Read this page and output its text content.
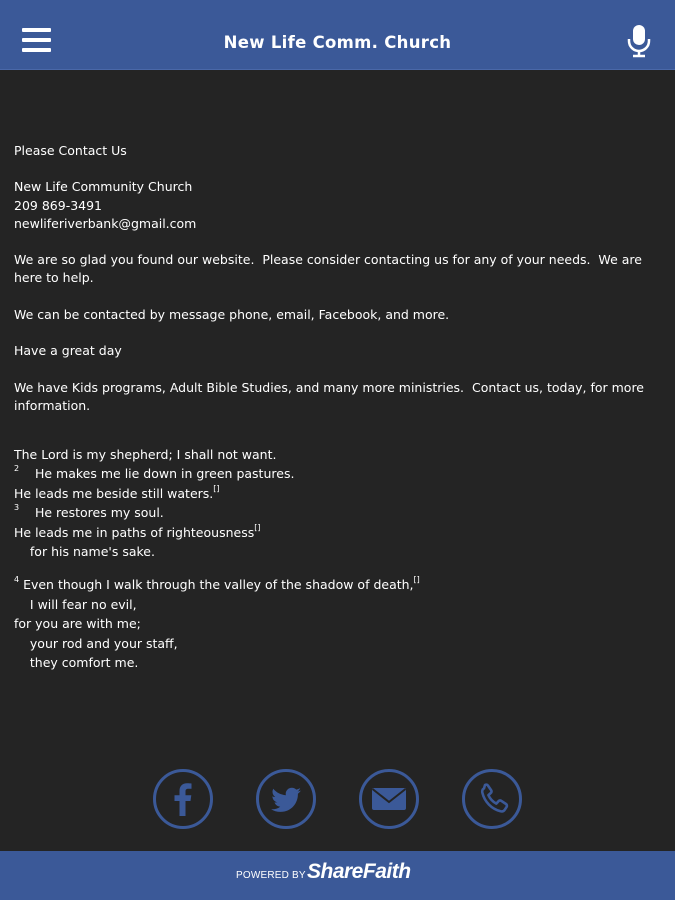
New Life Comm. Church

Please Contact Us

New Life Community Church

209 869-3491

newliferiverbank@gmail.com

We are so glad you found our website.  Please consider contacting us for any of your needs.  We are here to help.

We can be contacted by message phone, email, Facebook, and more.

Have a great day

We have Kids programs, Adult Bible Studies, and many more ministries.  Contact us, today, for more information.

The Lord is my shepherd; I shall not want.

$^2$    He makes me lie down in green pastures.

He leads me beside still waters.[]

$^3$    He restores my soul.

He leads me in paths of righteousness[]

for his name's sake.

$^4$ Even though I walk through the valley of the shadow of death,[]

I will fear no evil,

for you are with me;

your rod and your staff,

they comfort me.

POWERED BY ShareFaith
